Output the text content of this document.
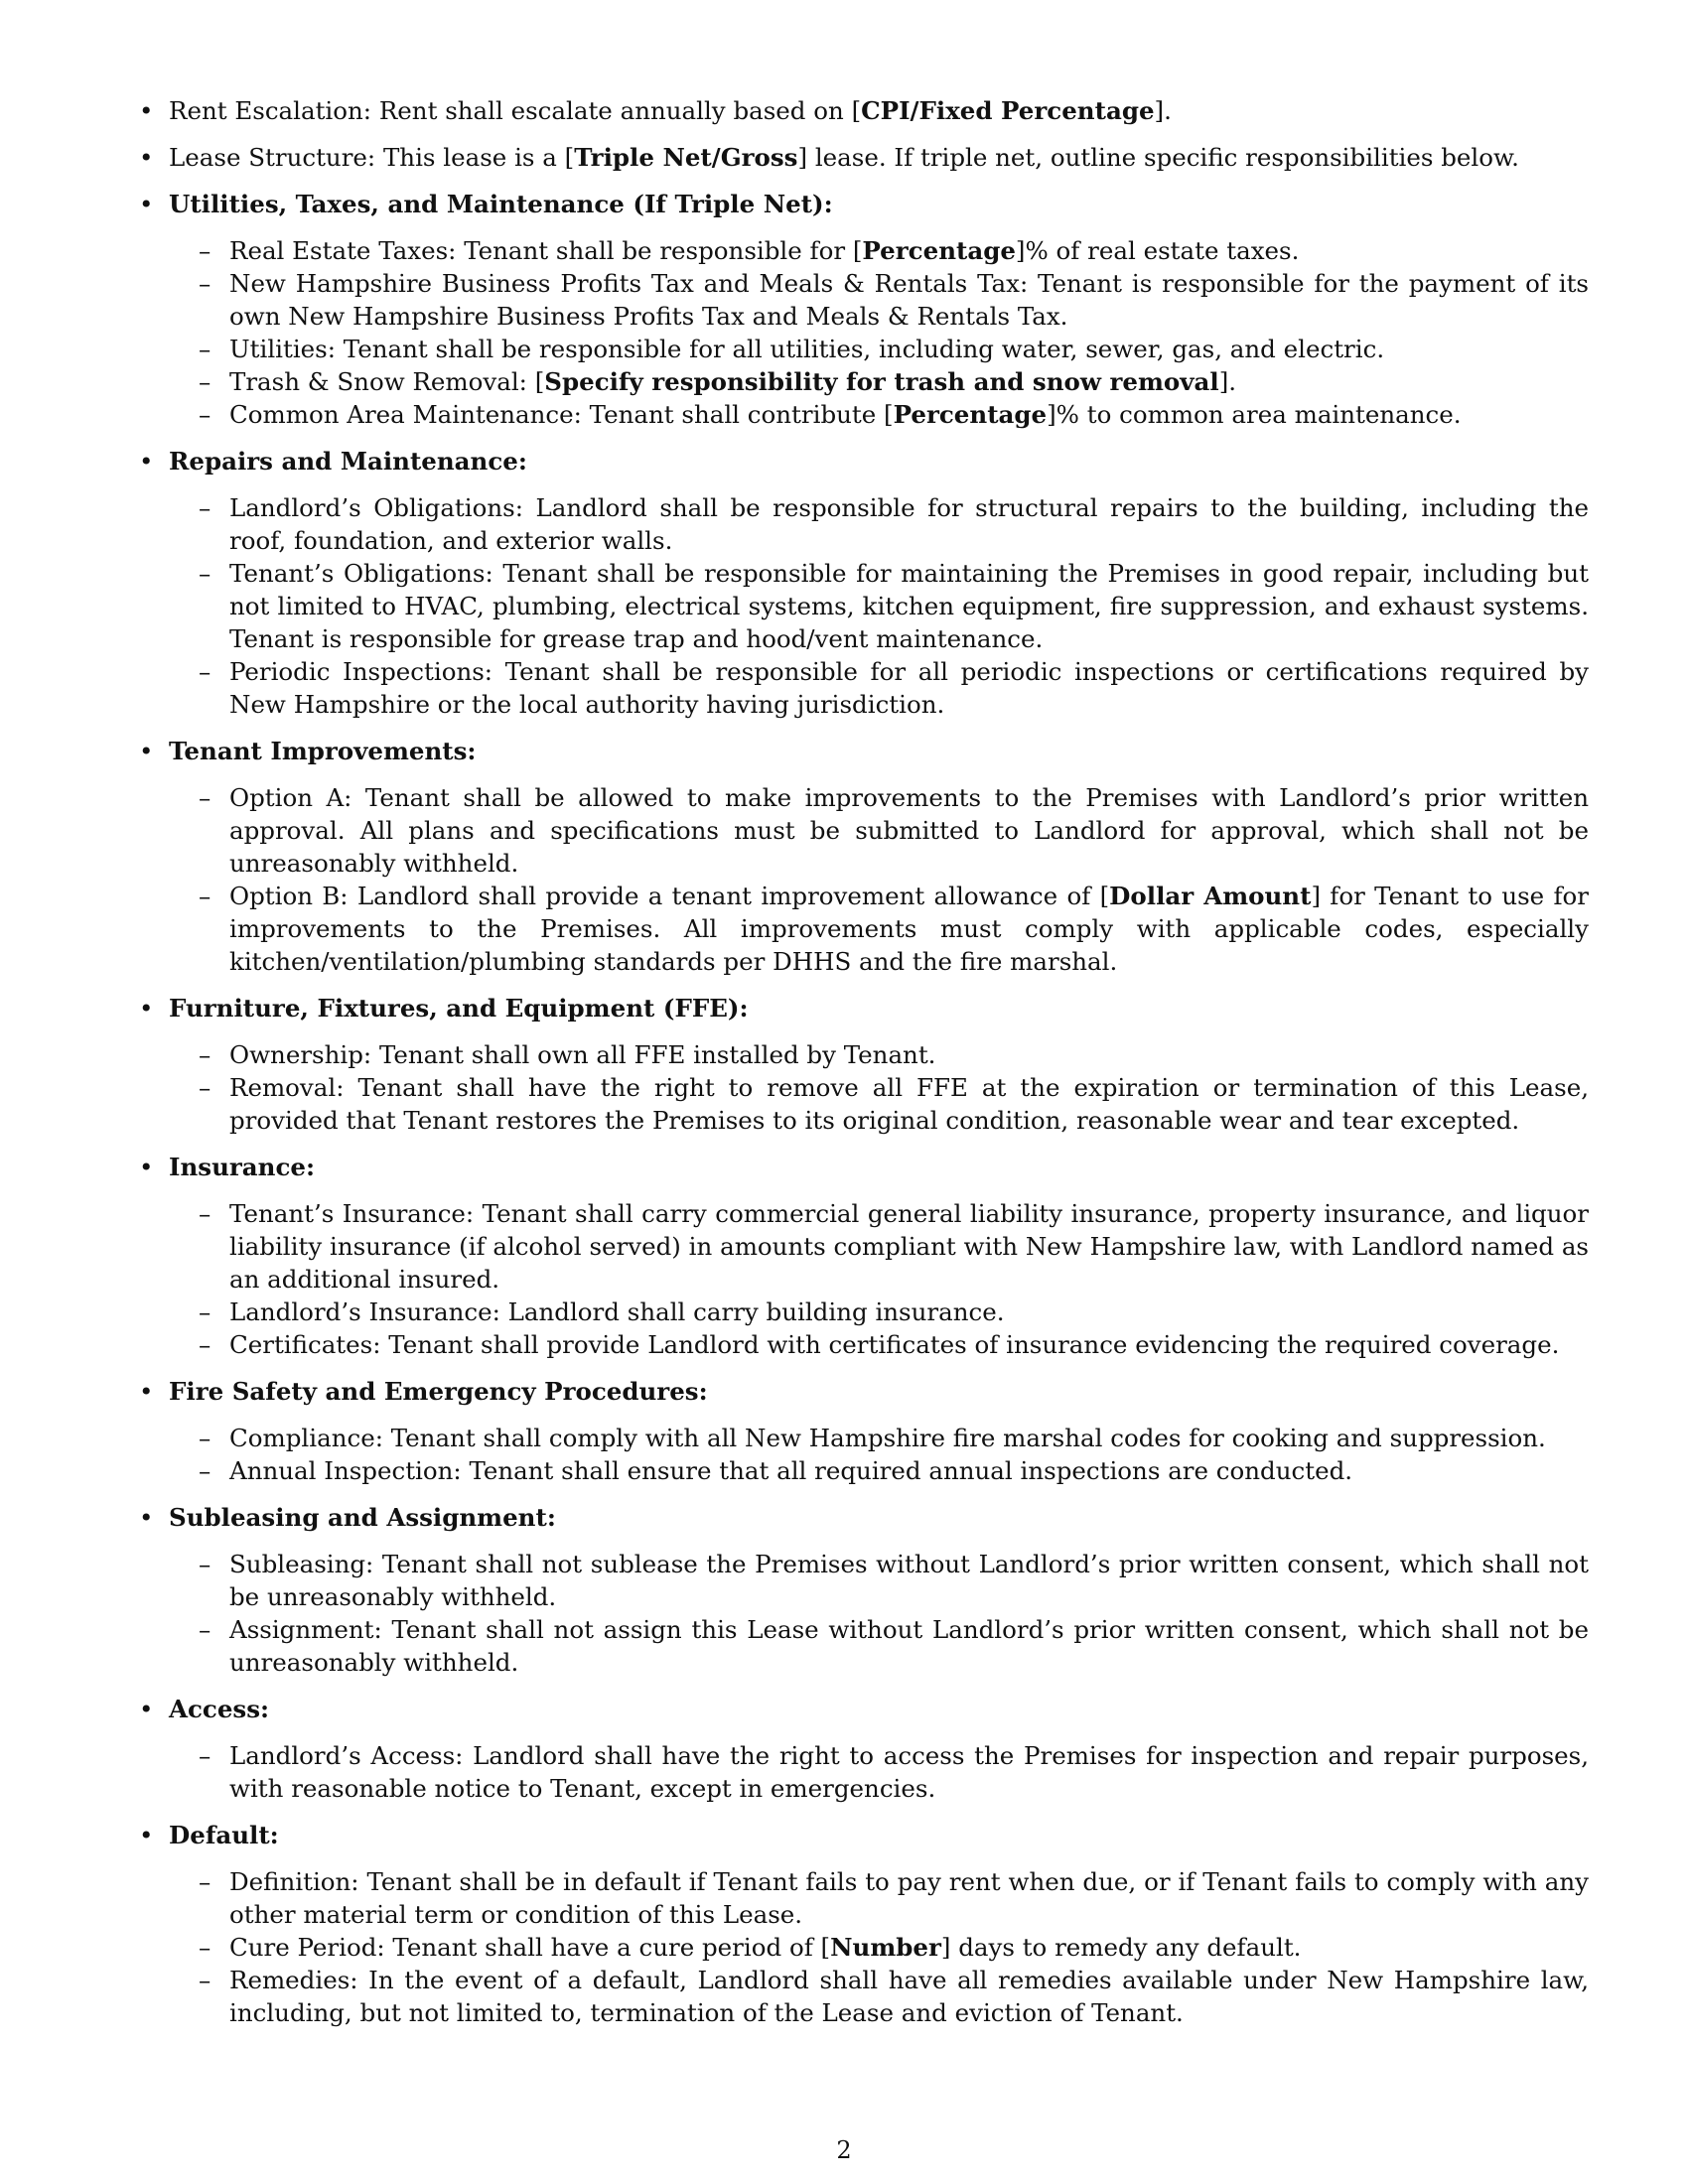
• Rent Escalation: Rent shall escalate annually based on [CPI/Fixed Percentage].
• Lease Structure: This lease is a [Triple Net/Gross] lease. If triple net, outline specific responsibilities below.
• Utilities, Taxes, and Maintenance (If Triple Net):
– Real Estate Taxes: Tenant shall be responsible for [Percentage]% of real estate taxes.
– New Hampshire Business Profits Tax and Meals & Rentals Tax: Tenant is responsible for the payment of its own New Hampshire Business Profits Tax and Meals & Rentals Tax.
– Utilities: Tenant shall be responsible for all utilities, including water, sewer, gas, and electric.
– Trash & Snow Removal: [Specify responsibility for trash and snow removal].
– Common Area Maintenance: Tenant shall contribute [Percentage]% to common area maintenance.
• Repairs and Maintenance:
– Landlord’s Obligations: Landlord shall be responsible for structural repairs to the building, including the roof, foundation, and exterior walls.
– Tenant’s Obligations: Tenant shall be responsible for maintaining the Premises in good repair, including but not limited to HVAC, plumbing, electrical systems, kitchen equipment, fire suppression, and exhaust systems. Tenant is responsible for grease trap and hood/vent maintenance.
– Periodic Inspections: Tenant shall be responsible for all periodic inspections or certifications required by New Hampshire or the local authority having jurisdiction.
• Tenant Improvements:
– Option A: Tenant shall be allowed to make improvements to the Premises with Landlord’s prior written approval. All plans and specifications must be submitted to Landlord for approval, which shall not be unreasonably withheld.
– Option B: Landlord shall provide a tenant improvement allowance of [Dollar Amount] for Tenant to use for improvements to the Premises. All improvements must comply with applicable codes, especially kitchen/ventilation/plumbing standards per DHHS and the fire marshal.
• Furniture, Fixtures, and Equipment (FFE):
– Ownership: Tenant shall own all FFE installed by Tenant.
– Removal: Tenant shall have the right to remove all FFE at the expiration or termination of this Lease, provided that Tenant restores the Premises to its original condition, reasonable wear and tear excepted.
• Insurance:
– Tenant’s Insurance: Tenant shall carry commercial general liability insurance, property insurance, and liquor liability insurance (if alcohol served) in amounts compliant with New Hampshire law, with Landlord named as an additional insured.
– Landlord’s Insurance: Landlord shall carry building insurance.
– Certificates: Tenant shall provide Landlord with certificates of insurance evidencing the required coverage.
• Fire Safety and Emergency Procedures:
– Compliance: Tenant shall comply with all New Hampshire fire marshal codes for cooking and suppression.
– Annual Inspection: Tenant shall ensure that all required annual inspections are conducted.
• Subleasing and Assignment:
– Subleasing: Tenant shall not sublease the Premises without Landlord’s prior written consent, which shall not be unreasonably withheld.
– Assignment: Tenant shall not assign this Lease without Landlord’s prior written consent, which shall not be unreasonably withheld.
• Access:
– Landlord’s Access: Landlord shall have the right to access the Premises for inspection and repair purposes, with reasonable notice to Tenant, except in emergencies.
• Default:
– Definition: Tenant shall be in default if Tenant fails to pay rent when due, or if Tenant fails to comply with any other material term or condition of this Lease.
– Cure Period: Tenant shall have a cure period of [Number] days to remedy any default.
– Remedies: In the event of a default, Landlord shall have all remedies available under New Hampshire law, including, but not limited to, termination of the Lease and eviction of Tenant.
2
